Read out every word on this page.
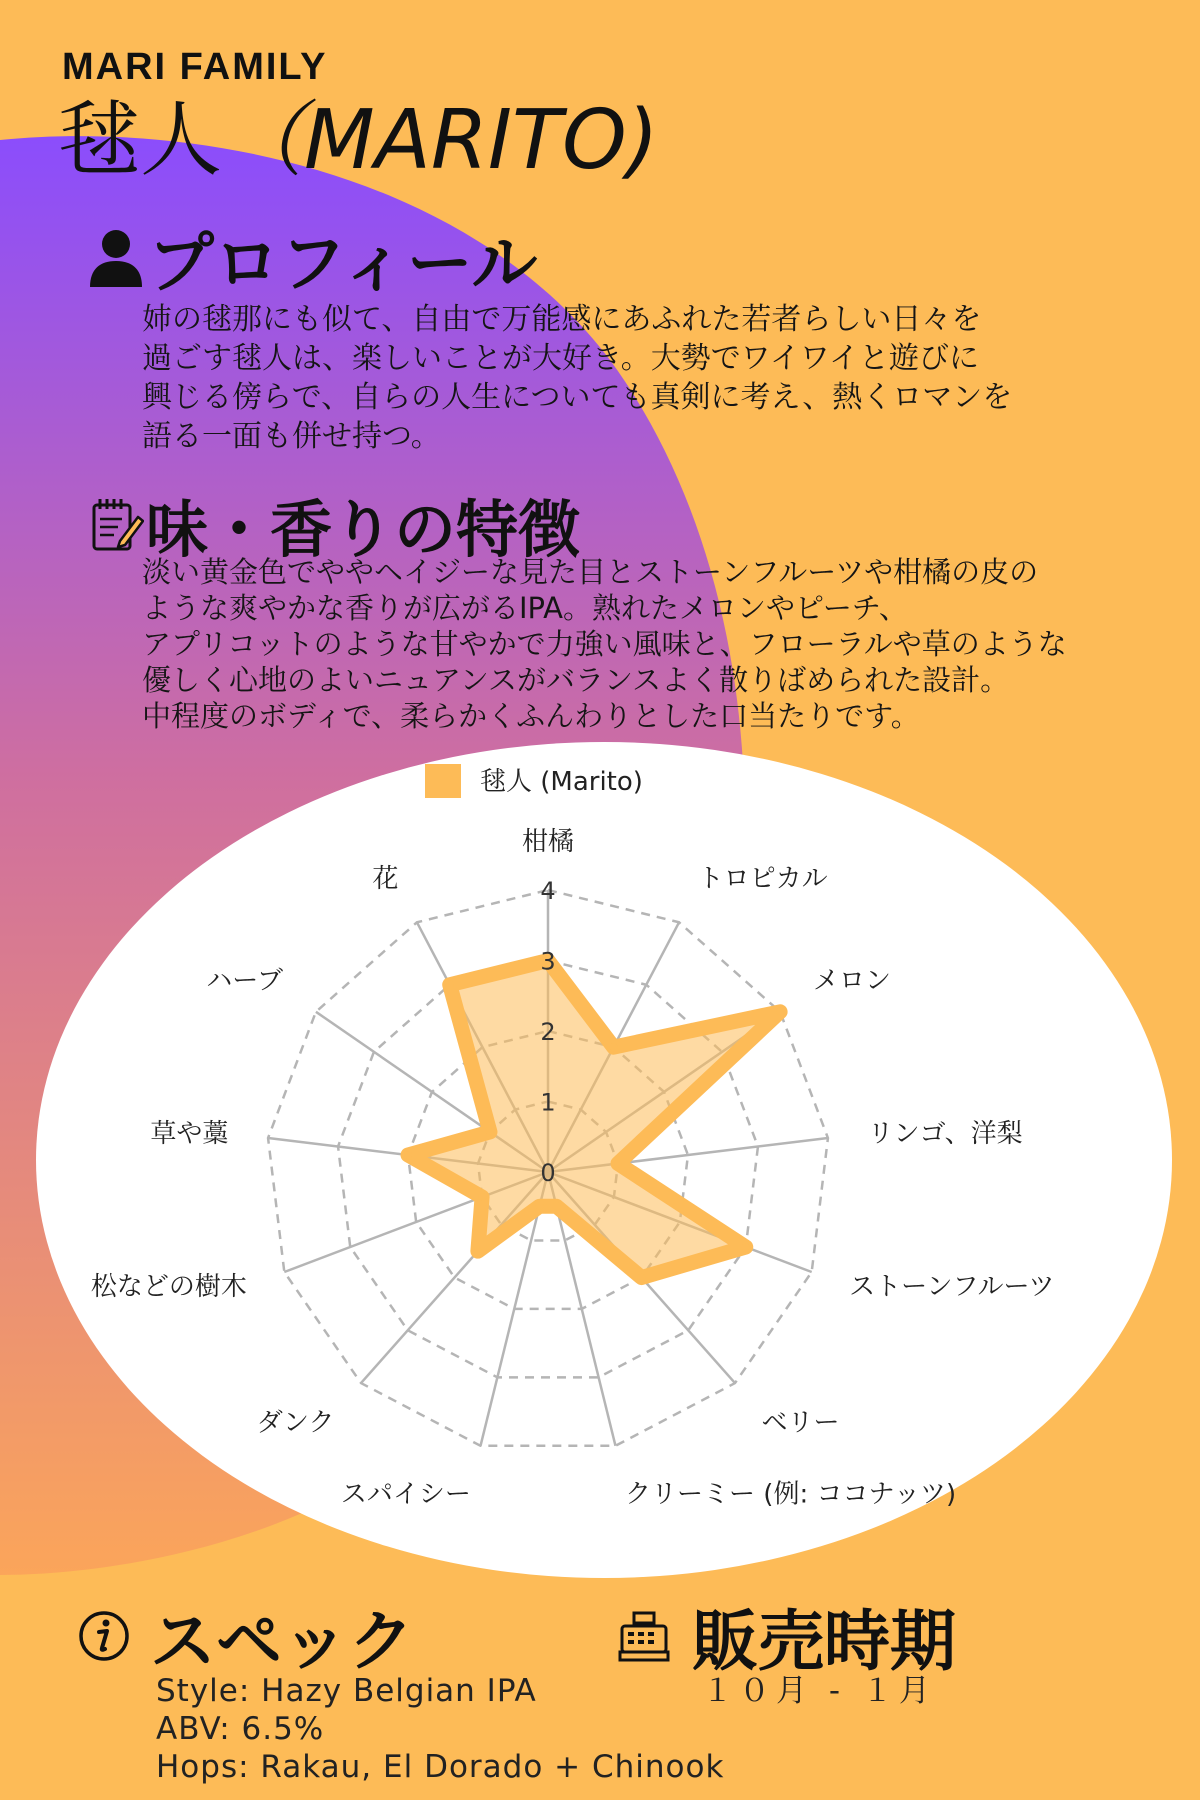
MARI FAMILY
毬人（MARITO)
プロフィール
姉の毬那にも似て、自由で万能感にあふれた若者らしい日々を
過ごす毬人は、楽しいことが大好き。大勢でワイワイと遊びに
興じる傍らで、自らの人生についても真剣に考え、熱くロマンを
語る一面も併せ持つ。
味・香りの特徴
淡い黄金色でややヘイジーな見た目とストーンフルーツや柑橘の皮の
ような爽やかな香りが広がるIPA。熟れたメロンやピーチ、
アプリコットのような甘やかで力強い風味と、フローラルや草のような
優しく心地のよいニュアンスがバランスよく散りばめられた設計。
中程度のボディで、柔らかくふんわりとした口当たりです。
0
1
2
3
4
柑橘
トロピカル
メロン
リンゴ、洋梨
ストーンフルーツ
ベリー
クリーミー (例: ココナッツ)
スパイシー
ダンク
松などの樹木
草や藁
ハーブ
花
毬人 (Marito)
スペック
Style: Hazy Belgian IPA
ABV: 6.5%
Hops: Rakau, El Dorado + Chinook
販売時期
１０月 - １月
